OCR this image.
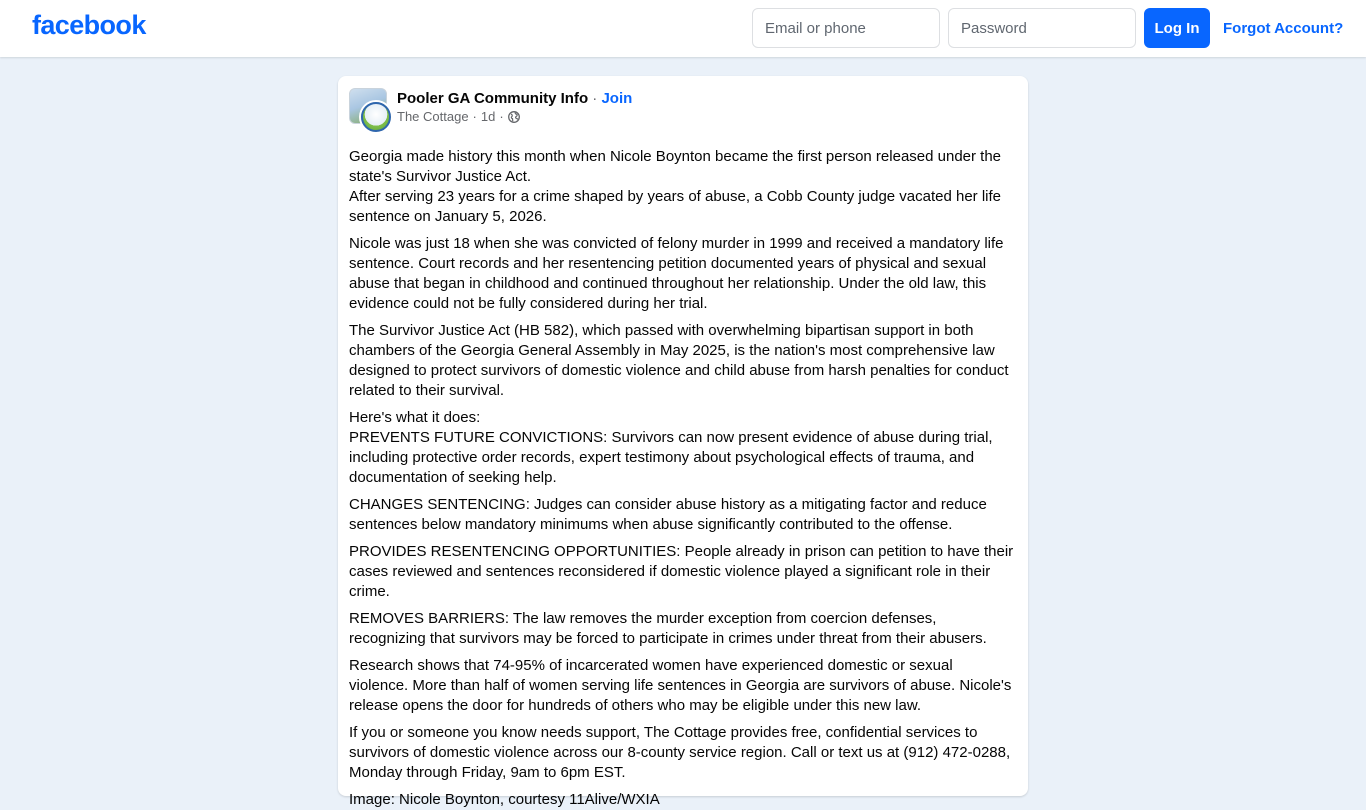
facebook
Email or phone	Log In	Forgot Account?
Pooler GA Community Info · Join
The Cottage · 1d ·

Georgia made history this month when Nicole Boynton became the first person released under the state's Survivor Justice Act.

After serving 23 years for a crime shaped by years of abuse, a Cobb County judge vacated her life sentence on January 5, 2026.

Nicole was just 18 when she was convicted of felony murder in 1999 and received a mandatory life sentence. Court records and her resentencing petition documented years of physical and sexual abuse that began in childhood and continued throughout her relationship. Under the old law, this evidence could not be fully considered during her trial.

The Survivor Justice Act (HB 582), which passed with overwhelming bipartisan support in both chambers of the Georgia General Assembly in May 2025, is the nation's most comprehensive law designed to protect survivors of domestic violence and child abuse from harsh penalties for conduct related to their survival.

Here's what it does:

PREVENTS FUTURE CONVICTIONS: Survivors can now present evidence of abuse during trial, including protective order records, expert testimony about psychological effects of trauma, and documentation of seeking help.

CHANGES SENTENCING: Judges can consider abuse history as a mitigating factor and reduce sentences below mandatory minimums when abuse significantly contributed to the offense.

PROVIDES RESENTENCING OPPORTUNITIES: People already in prison can petition to have their cases reviewed and sentences reconsidered if domestic violence played a significant role in their crime.

REMOVES BARRIERS: The law removes the murder exception from coercion defenses, recognizing that survivors may be forced to participate in crimes under threat from their abusers.

Research shows that 74-95% of incarcerated women have experienced domestic or sexual violence. More than half of women serving life sentences in Georgia are survivors of abuse. Nicole's release opens the door for hundreds of others who may be eligible under this new law.

If you or someone you know needs support, The Cottage provides free, confidential services to survivors of domestic violence across our 8-county service region. Call or text us at (912) 472-0288, Monday through Friday, 9am to 6pm EST.

Image: Nicole Boynton, courtesy 11Alive/WXIA
